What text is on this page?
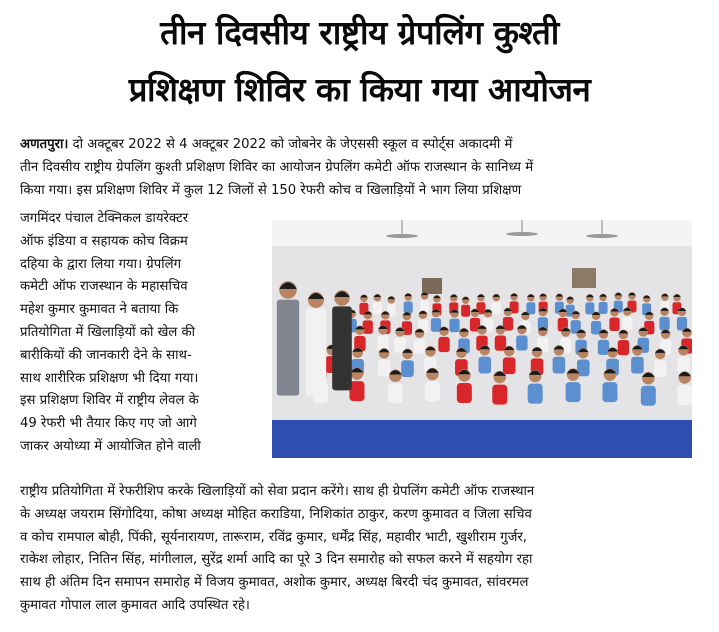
तीन दिवसीय राष्ट्रीय ग्रेपलिंग कुश्ती
प्रशिक्षण शिविर का किया गया आयोजन
अणतपुरा। दो अक्टूबर 2022 से 4 अक्टूबर 2022 को जोबनेर के जेएससी स्कूल व स्पोर्ट्स अकादमी में
तीन दिवसीय राष्ट्रीय ग्रेपलिंग कुश्ती प्रशिक्षण शिविर का आयोजन ग्रेपलिंग कमेटी ऑफ राजस्थान के सानिध्य में
किया गया। इस प्रशिक्षण शिविर में कुल 12 जिलों से 150 रेफरी कोच व खिलाड़ियों ने भाग लिया प्रशिक्षण
जगमिंदर पंचाल टेक्निकल डायरेक्टर
ऑफ इंडिया व सहायक कोच विक्रम
दहिया के द्वारा लिया गया। ग्रेपलिंग
कमेटी ऑफ राजस्थान के महासचिव
महेश कुमार कुमावत ने बताया कि
प्रतियोगिता में खिलाड़ियों को खेल की
बारीकियों की जानकारी देने के साथ-
साथ शारीरिक प्रशिक्षण भी दिया गया।
इस प्रशिक्षण शिविर में राष्ट्रीय लेवल के
49 रेफरी भी तैयार किए गए जो आगे
जाकर अयोध्या में आयोजित होने वाली
राष्ट्रीय प्रतियोगिता में रेफरीशिप करके खिलाड़ियों को सेवा प्रदान करेंगे। साथ ही ग्रेपलिंग कमेटी ऑफ राजस्थान
के अध्यक्ष जयराम सिंगोदिया, कोषा अध्यक्ष मोहित कराडिया, निशिकांत ठाकुर, करण कुमावत व जिला सचिव
व कोच रामपाल बोही, पिंकी, सूर्यनारायण, तारूराम, रविंद्र कुमार, धर्मेंद्र सिंह, महावीर भाटी, खुशीराम गुर्जर,
राकेश लोहार, नितिन सिंह, मांगीलाल, सुरेंद्र शर्मा आदि का पूरे 3 दिन समारोह को सफल करने में सहयोग रहा
साथ ही अंतिम दिन समापन समारोह में विजय कुमावत, अशोक कुमार, अध्यक्ष बिरदी चंद कुमावत, सांवरमल
कुमावत गोपाल लाल कुमावत आदि उपस्थित रहे।
